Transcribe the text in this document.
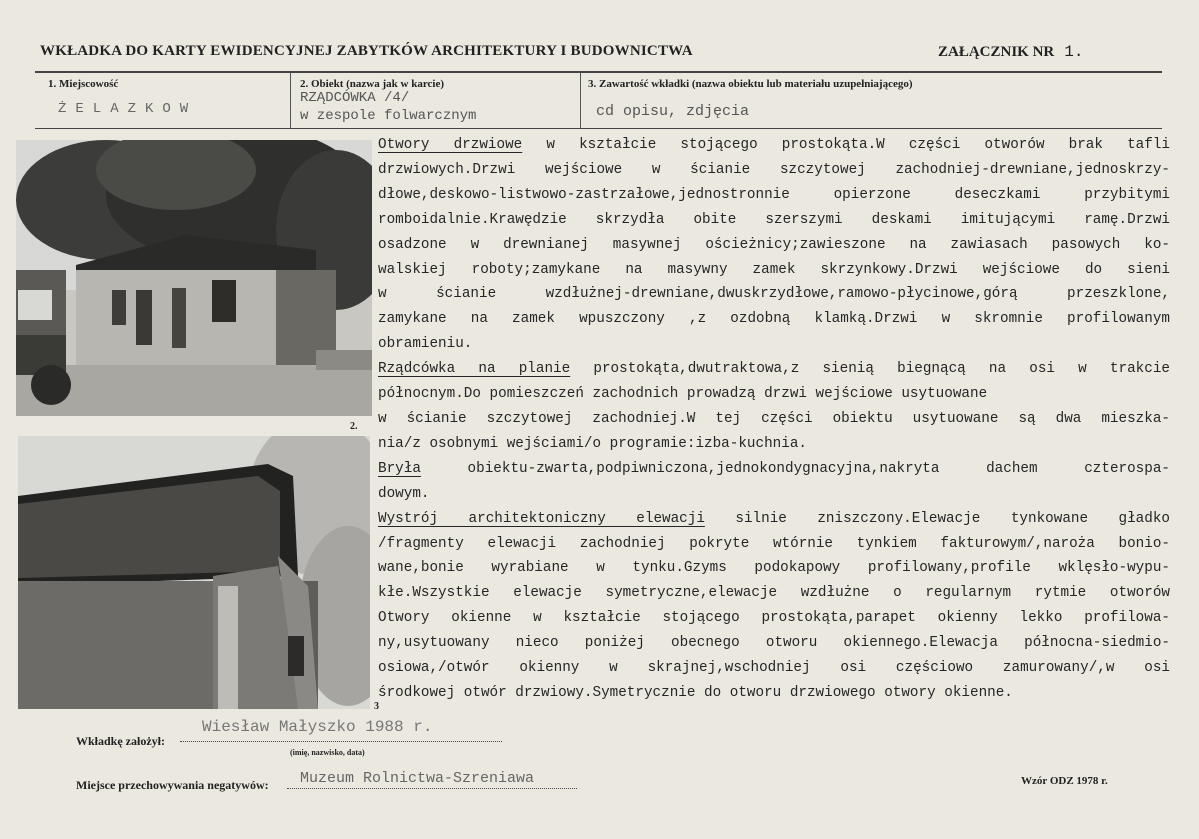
WKŁADKA DO KARTY EWIDENCYJNEJ ZABYTKÓW ARCHITEKTURY I BUDOWNICTWA	ZAŁĄCZNIK NR 1.
1. Miejscowość
ŻELAZKOW
2. Obiekt (nazwa jak w karcie)
RZĄDCÓWKA /4/
w zespole folwarcznym
3. Zawartość wkładki (nazwa obiektu lub materiału uzupełniającego)
cd opisu, zdjęcia
2.
3
Otwory drzwiowe w kształcie stojącego prostokąta.W części otworów brak tafli
drzwiowych.Drzwi wejściowe w ścianie szczytowej zachodniej-drewniane,jednoskrzy-
dłowe,deskowo-listwowo-zastrzałowe,jednostronnie opierzone deseczkami przybitymi
romboidalnie.Krawędzie skrzydła obite szerszymi deskami imitującymi ramę.Drzwi
osadzone w drewnianej masywnej ościeżnicy;zawieszone na zawiasach pasowych ko-
walskiej roboty;zamykane na masywny zamek skrzynkowy.Drzwi wejściowe do sieni
w ścianie wzdłużnej-drewniane,dwuskrzydłowe,ramowo-płycinowe,górą przeszklone,
zamykane na zamek wpuszczony ,z ozdobną klamką.Drzwi w skromnie profilowanym
obramieniu.
Rządcówka na planie prostokąta,dwutraktowa,z sienią biegnącą na osi w trakcie
północnym.Do pomieszczeń zachodnich prowadzą drzwi wejściowe usytuowane
w ścianie szczytowej zachodniej.W tej części obiektu usytuowane są dwa mieszka-
nia/z osobnymi wejściami/o programie:izba-kuchnia.
Bryła obiektu-zwarta,podpiwniczona,jednokondygnacyjna,nakryta dachem czterospa-
dowym.
Wystrój architektoniczny elewacji silnie zniszczony.Elewacje tynkowane gładko
/fragmenty elewacji zachodniej pokryte wtórnie tynkiem fakturowym/,naroża bonio-
wane,bonie wyrabiane w tynku.Gzyms podokapowy profilowany,profile wklęsło-wypu-
kłe.Wszystkie elewacje symetryczne,elewacje wzdłużne o regularnym rytmie otworów
Otwory okienne w kształcie stojącego prostokąta,parapet okienny lekko profilowa-
ny,usytuowany nieco poniżej obecnego otworu okiennego.Elewacja północna-siedmio-
osiowa,/otwór okienny w skrajnej,wschodniej osi częściowo zamurowany/,w osi
środkowej otwór drzwiowy.Symetrycznie do otworu drzwiowego otwory okienne.
Wkładkę założył:
Wiesław Małyszko 1988 r.
(imię, nazwisko, data)
Miejsce przechowywania negatywów: Muzeum Rolnictwa-Szreniawa	Wzór ODZ 1978 r.
